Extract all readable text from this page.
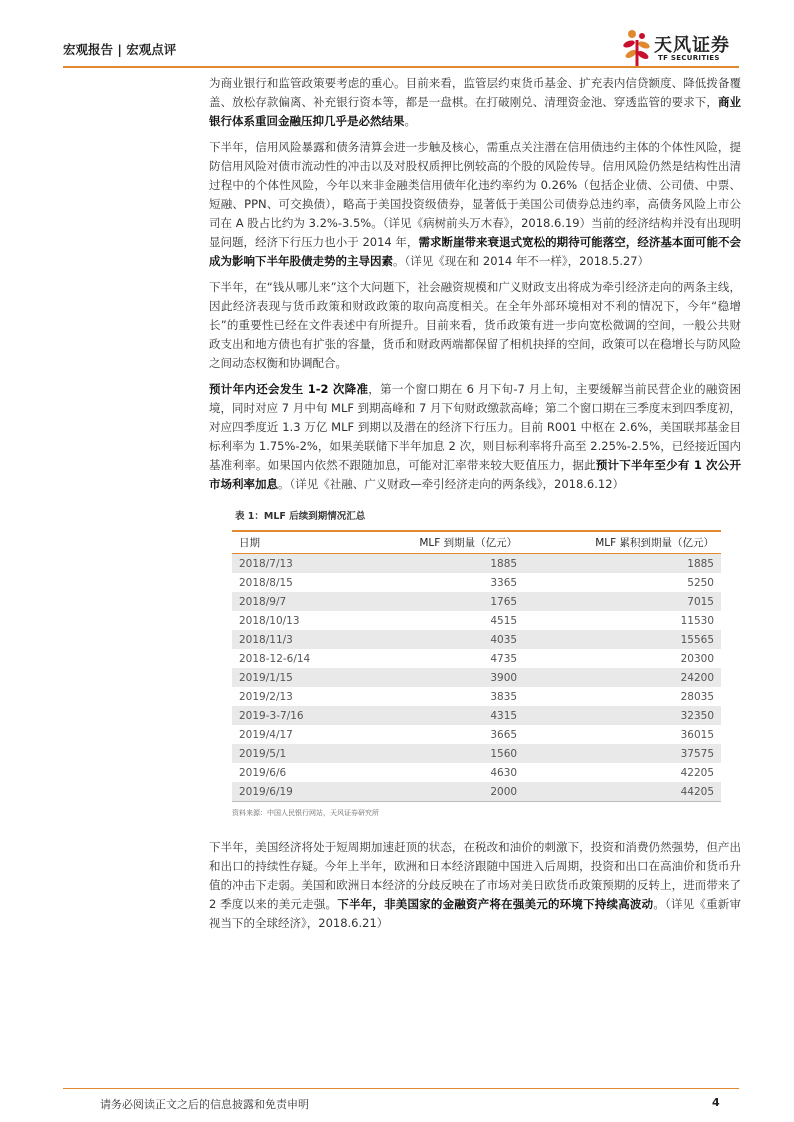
宏观报告 | 宏观点评	天风证券
TF SECURITIES

为商业银行和监管政策要考虑的重心。目前来看，监管层约束货币基金、扩充表内信贷额度、降低拨备覆盖、放松存款偏离、补充银行资本等，都是一盘棋。在打破刚兑、清理资金池、穿透监管的要求下，商业银行体系重回金融压抑几乎是必然结果。

下半年，信用风险暴露和债务清算会进一步触及核心，需重点关注潜在信用债违约主体的个体性风险，提防信用风险对债市流动性的冲击以及对股权质押比例较高的个股的风险传导。信用风险仍然是结构性出清过程中的个体性风险，今年以来非金融类信用债年化违约率约为 0.26%（包括企业债、公司债、中票、短融、PPN、可交换债），略高于美国投资级债券，显著低于美国公司债券总违约率，高债务风险上市公司在 A 股占比约为 3.2%-3.5%。（详见《病树前头万木春》，2018.6.19）当前的经济结构并没有出现明显问题，经济下行压力也小于 2014 年，需求断崖带来衰退式宽松的期待可能落空，经济基本面可能不会成为影响下半年股债走势的主导因素。（详见《现在和 2014 年不一样》，2018.5.27）

下半年，在“钱从哪儿来”这个大问题下，社会融资规模和广义财政支出将成为牵引经济走向的两条主线，因此经济表现与货币政策和财政政策的取向高度相关。在全年外部环境相对不利的情况下，今年“稳增长”的重要性已经在文件表述中有所提升。目前来看，货币政策有进一步向宽松微调的空间，一般公共财政支出和地方债也有扩张的容量，货币和财政两端都保留了相机抉择的空间，政策可以在稳增长与防风险之间动态权衡和协调配合。

预计年内还会发生 1-2 次降准，第一个窗口期在 6 月下旬-7 月上旬，主要缓解当前民营企业的融资困境，同时对应 7 月中旬 MLF 到期高峰和 7 月下旬财政缴款高峰；第二个窗口期在三季度末到四季度初，对应四季度近 1.3 万亿 MLF 到期以及潜在的经济下行压力。目前 R001 中枢在 2.6%，美国联邦基金目标利率为 1.75%-2%，如果美联储下半年加息 2 次，则目标利率将升高至 2.25%-2.5%，已经接近国内基准利率。如果国内依然不跟随加息，可能对汇率带来较大贬值压力，据此预计下半年至少有 1 次公开市场利率加息。（详见《社融、广义财政—牵引经济走向的两条线》，2018.6.12）

表 1：MLF 后续到期情况汇总
日期	MLF 到期量（亿元）	MLF 累积到期量（亿元）
2018/7/13	1885	1885
2018/8/15	3365	5250
2018/9/7	1765	7015
2018/10/13	4515	11530
2018/11/3	4035	15565
2018-12-6/14	4735	20300
2019/1/15	3900	24200
2019/2/13	3835	28035
2019-3-7/16	4315	32350
2019/4/17	3665	36015
2019/5/1	1560	37575
2019/6/6	4630	42205
2019/6/19	2000	44205
资料来源：中国人民银行网站，天风证券研究所

下半年，美国经济将处于短周期加速赶顶的状态，在税改和油价的刺激下，投资和消费仍然强势，但产出和出口的持续性存疑。今年上半年，欧洲和日本经济跟随中国进入后周期，投资和出口在高油价和货币升值的冲击下走弱。美国和欧洲日本经济的分歧反映在了市场对美日欧货币政策预期的反转上，进而带来了 2 季度以来的美元走强。下半年，非美国家的金融资产将在强美元的环境下持续高波动。（详见《重新审视当下的全球经济》，2018.6.21）

请务必阅读正文之后的信息披露和免责申明	4
